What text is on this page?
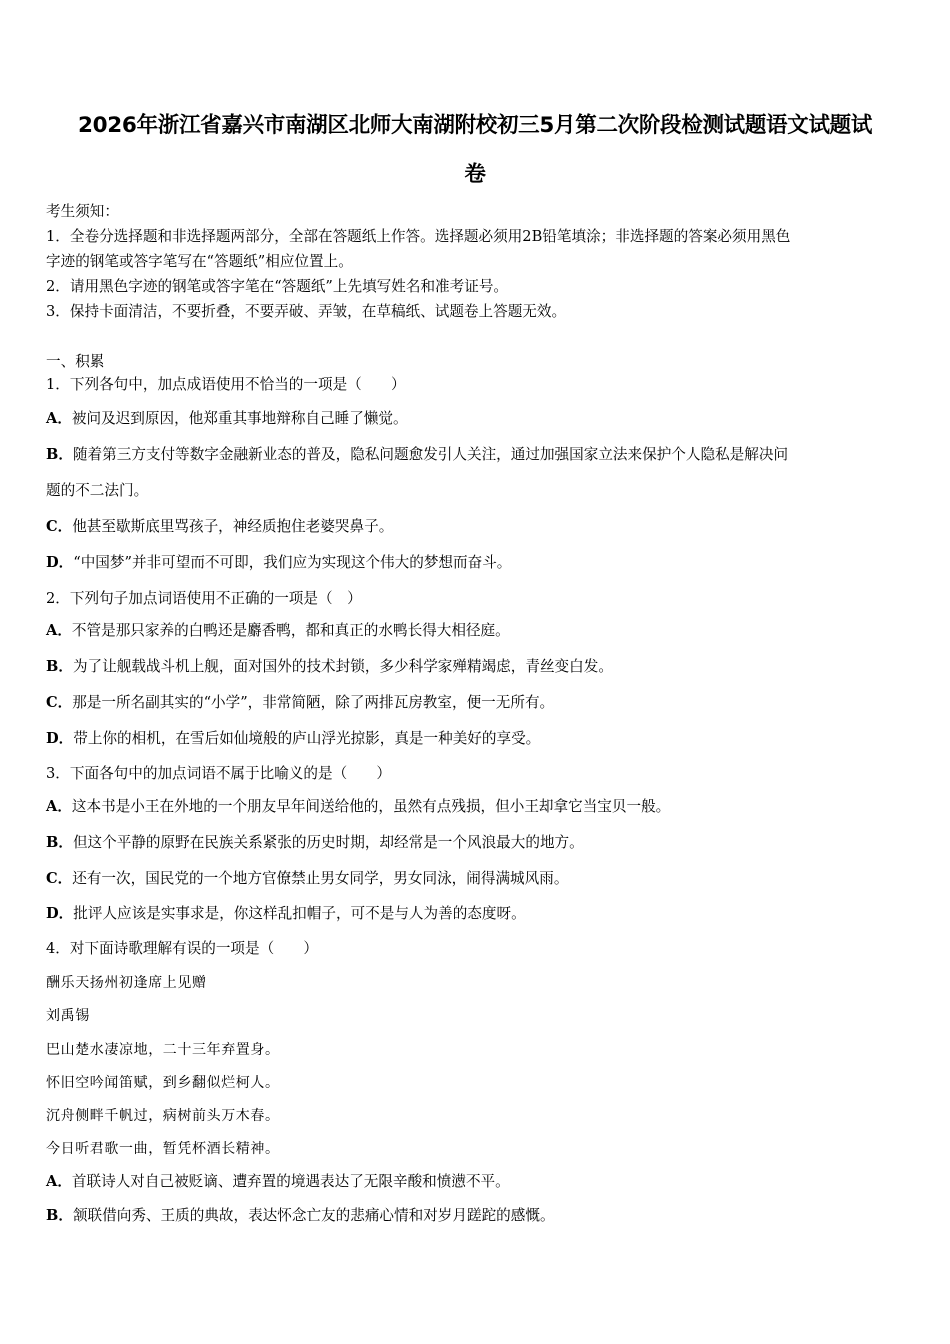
2026年浙江省嘉兴市南湖区北师大南湖附校初三5月第二次阶段检测试题语文试题试
卷
考生须知：
1．全卷分选择题和非选择题两部分，全部在答题纸上作答。选择题必须用2B铅笔填涂；非选择题的答案必须用黑色
字迹的钢笔或答字笔写在“答题纸”相应位置上。
2．请用黑色字迹的钢笔或答字笔在“答题纸”上先填写姓名和准考证号。
3．保持卡面清洁，不要折叠，不要弄破、弄皱，在草稿纸、试题卷上答题无效。
一、积累
1．下列各句中，加点成语使用不恰当的一项是（　　）
A．被问及迟到原因，他郑重其事地辩称自己睡了懒觉。
B．随着第三方支付等数字金融新业态的普及，隐私问题愈发引人关注，通过加强国家立法来保护个人隐私是解决问
题的不二法门。
C．他甚至歇斯底里骂孩子，神经质抱住老婆哭鼻子。
D．“中国梦”并非可望而不可即，我们应为实现这个伟大的梦想而奋斗。
2．下列句子加点词语使用不正确的一项是（　）
A．不管是那只家养的白鸭还是麝香鸭，都和真正的水鸭长得大相径庭。
B．为了让舰载战斗机上舰，面对国外的技术封锁，多少科学家殚精竭虑，青丝变白发。
C．那是一所名副其实的“小学”，非常简陋，除了两排瓦房教室，便一无所有。
D．带上你的相机，在雪后如仙境般的庐山浮光掠影，真是一种美好的享受。
3．下面各句中的加点词语不属于比喻义的是（　　）
A．这本书是小王在外地的一个朋友早年间送给他的，虽然有点残损，但小王却拿它当宝贝一般。
B．但这个平静的原野在民族关系紧张的历史时期，却经常是一个风浪最大的地方。
C．还有一次，国民党的一个地方官僚禁止男女同学，男女同泳，闹得满城风雨。
D．批评人应该是实事求是，你这样乱扣帽子，可不是与人为善的态度呀。
4．对下面诗歌理解有误的一项是（　　）
酬乐天扬州初逢席上见赠
刘禹锡
巴山楚水凄凉地，二十三年弃置身。
怀旧空吟闻笛赋，到乡翻似烂柯人。
沉舟侧畔千帆过，病树前头万木春。
今日听君歌一曲，暂凭杯酒长精神。
A．首联诗人对自己被贬谪、遭弃置的境遇表达了无限辛酸和愤懑不平。
B．颔联借向秀、王质的典故，表达怀念亡友的悲痛心情和对岁月蹉跎的感慨。
